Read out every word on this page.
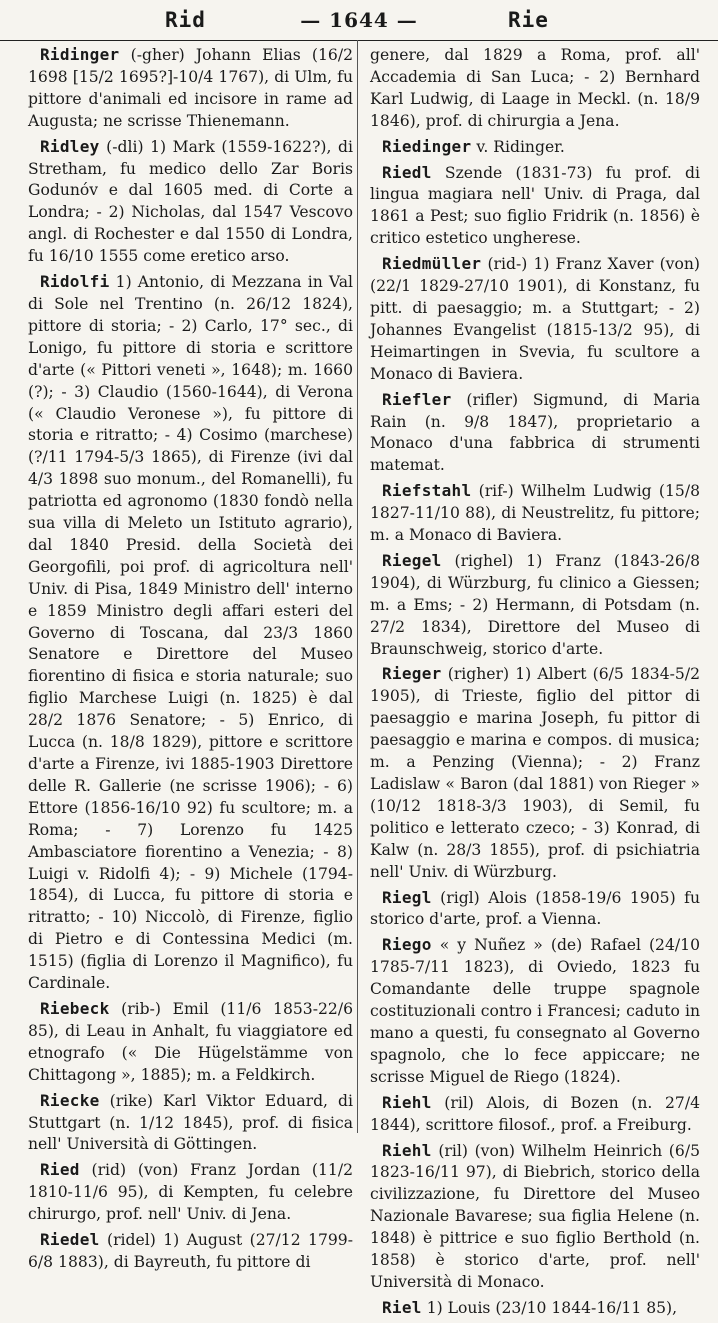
Rid	— 1644 —	Rie

Ridinger (-gher) Johann Elias (16/2 1698 [15/2 1695?]-10/4 1767), di Ulm, fu pittore d'animali ed incisore in rame ad Augusta; ne scrisse Thienemann.

Ridley (-dli) 1) Mark (1559-1622?), di Stretham, fu medico dello Zar Boris Godunóv e dal 1605 med. di Corte a Londra; - 2) Nicholas, dal 1547 Vescovo angl. di Rochester e dal 1550 di Londra, fu 16/10 1555 come eretico arso.

Ridolfi 1) Antonio, di Mezzana in Val di Sole nel Trentino (n. 26/12 1824), pittore di storia; - 2) Carlo, 17° sec., di Lonigo, fu pittore di storia e scrittore d'arte (« Pittori veneti », 1648); m. 1660 (?); - 3) Claudio (1560-1644), di Verona (« Claudio Veronese »), fu pittore di storia e ritratto; - 4) Cosimo (marchese) (?/11 1794-5/3 1865), di Firenze (ivi dal 4/3 1898 suo monum., del Romanelli), fu patriotta ed agronomo (1830 fondò nella sua villa di Meleto un Istituto agrario), dal 1840 Presid. della Società dei Georgofili, poi prof. di agricoltura nell' Univ. di Pisa, 1849 Ministro dell' interno e 1859 Ministro degli affari esteri del Governo di Toscana, dal 23/3 1860 Senatore e Direttore del Museo fiorentino di fisica e storia naturale; suo figlio Marchese Luigi (n. 1825) è dal 28/2 1876 Senatore; - 5) Enrico, di Lucca (n. 18/8 1829), pittore e scrittore d'arte a Firenze, ivi 1885-1903 Direttore delle R. Gallerie (ne scrisse 1906); - 6) Ettore (1856-16/10 92) fu scultore; m. a Roma; - 7) Lorenzo fu 1425 Ambasciatore fiorentino a Venezia; - 8) Luigi v. Ridolfi 4); - 9) Michele (1794-1854), di Lucca, fu pittore di storia e ritratto; - 10) Niccolò, di Firenze, figlio di Pietro e di Contessina Medici (m. 1515) (figlia di Lorenzo il Magnifico), fu Cardinale.

Riebeck (rib-) Emil (11/6 1853-22/6 85), di Leau in Anhalt, fu viaggiatore ed etnografo (« Die Hügelstämme von Chittagong », 1885); m. a Feldkirch.

Riecke (rike) Karl Viktor Eduard, di Stuttgart (n. 1/12 1845), prof. di fisica nell' Università di Göttingen.

Ried (rid) (von) Franz Jordan (11/2 1810-11/6 95), di Kempten, fu celebre chirurgo, prof. nell' Univ. di Jena.

Riedel (ridel) 1) August (27/12 1799-6/8 1883), di Bayreuth, fu pittore di

genere, dal 1829 a Roma, prof. all' Accademia di San Luca; - 2) Bernhard Karl Ludwig, di Laage in Meckl. (n. 18/9 1846), prof. di chirurgia a Jena.

Riedinger v. Ridinger.

Riedl Szende (1831-73) fu prof. di lingua magiara nell' Univ. di Praga, dal 1861 a Pest; suo figlio Fridrik (n. 1856) è critico estetico ungherese.

Riedmüller (rid-) 1) Franz Xaver (von) (22/1 1829-27/10 1901), di Konstanz, fu pitt. di paesaggio; m. a Stuttgart; - 2) Johannes Evangelist (1815-13/2 95), di Heimartingen in Svevia, fu scultore a Monaco di Baviera.

Riefler (rifler) Sigmund, di Maria Rain (n. 9/8 1847), proprietario a Monaco d'una fabbrica di strumenti matemat.

Riefstahl (rif-) Wilhelm Ludwig (15/8 1827-11/10 88), di Neustrelitz, fu pittore; m. a Monaco di Baviera.

Riegel (righel) 1) Franz (1843-26/8 1904), di Würzburg, fu clinico a Giessen; m. a Ems; - 2) Hermann, di Potsdam (n. 27/2 1834), Direttore del Museo di Braunschweig, storico d'arte.

Rieger (righer) 1) Albert (6/5 1834-5/2 1905), di Trieste, figlio del pittor di paesaggio e marina Joseph, fu pittor di paesaggio e marina e compos. di musica; m. a Penzing (Vienna); - 2) Franz Ladislaw « Baron (dal 1881) von Rieger » (10/12 1818-3/3 1903), di Semil, fu politico e letterato czeco; - 3) Konrad, di Kalw (n. 28/3 1855), prof. di psichiatria nell' Univ. di Würzburg.

Riegl (rigl) Alois (1858-19/6 1905) fu storico d'arte, prof. a Vienna.

Riego « y Nuñez » (de) Rafael (24/10 1785-7/11 1823), di Oviedo, 1823 fu Comandante delle truppe spagnole costituzionali contro i Francesi; caduto in mano a questi, fu consegnato al Governo spagnolo, che lo fece appiccare; ne scrisse Miguel de Riego (1824).

Riehl (ril) Alois, di Bozen (n. 27/4 1844), scrittore filosof., prof. a Freiburg.

Riehl (ril) (von) Wilhelm Heinrich (6/5 1823-16/11 97), di Biebrich, storico della civilizzazione, fu Direttore del Museo Nazionale Bavarese; sua figlia Helene (n. 1848) è pittrice e suo figlio Berthold (n. 1858) è storico d'arte, prof. nell' Università di Monaco.

Riel 1) Louis (23/10 1844-16/11 85),
